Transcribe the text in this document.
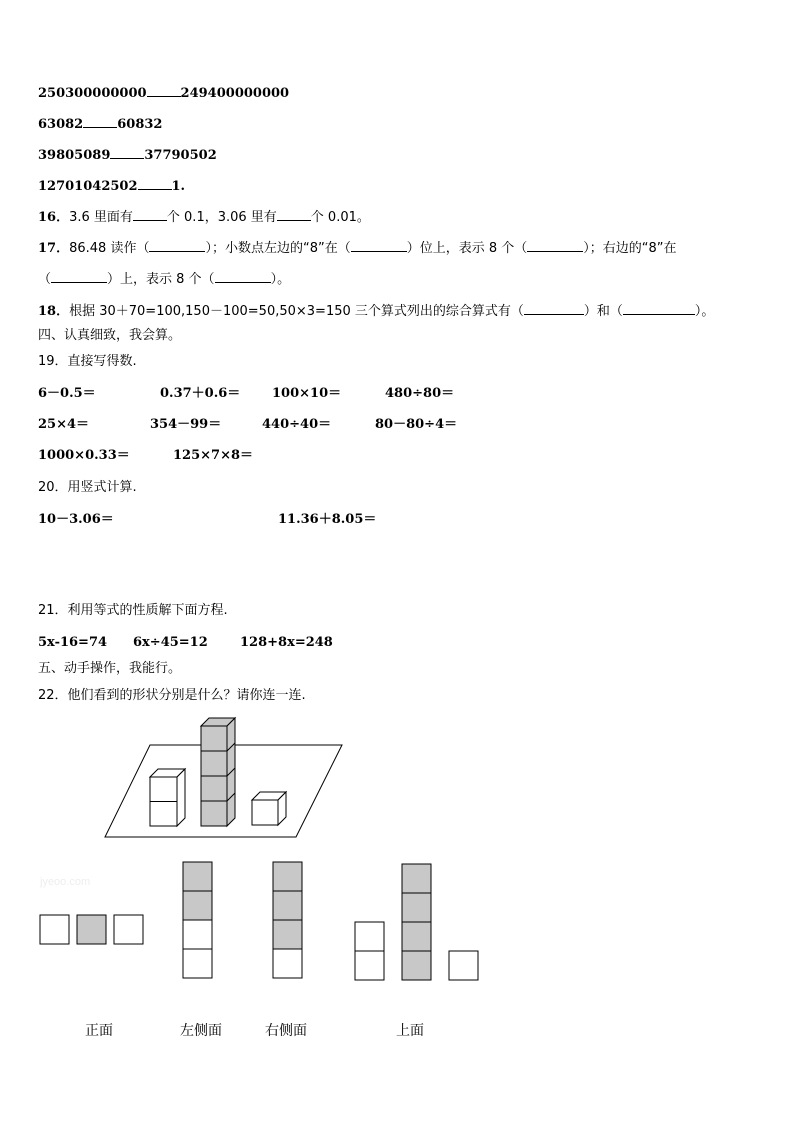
250300000000	249400000000
63082	60832
39805089	37790502
12701042502	1.
16．3.6 里面有	个 0.1，3.06 里有	个 0.01。
17．86.48 读作（	）；小数点左边的“8”在（	）位上，表示 8 个（	）；右边的“8”在
（	）上，表示 8 个（	）。
18．根据 30＋70=100,150－100=50,50×3=150 三个算式列出的综合算式有（	）和（	）。
四、认真细致，我会算。
19．直接写得数.
6－0.5＝	0.37＋0.6＝ 100×10＝	480÷80＝
25×4＝	354－99＝	440÷40＝	80－80÷4＝
1000×0.33＝	125×7×8＝
20．用竖式计算.
10－3.06＝	11.36＋8.05＝
21．利用等式的性质解下面方程.
5x-16=74 6x÷45=12 128+8x=248
五、动手操作，我能行。
22．他们看到的形状分别是什么？请你连一连.
jyeoo.com
正面	左侧面	右侧面	上面
